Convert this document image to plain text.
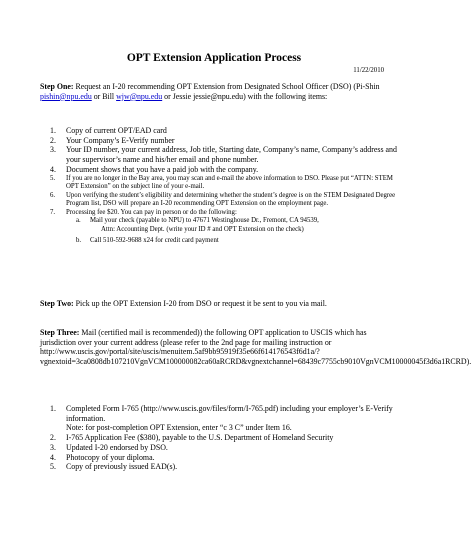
OPT Extension Application Process
11/22/2010
Step One: Request an I-20 recommending OPT Extension from Designated School Officer (DSO) (Pi-Shin pishin@npu.edu or Bill wjw@npu.edu or Jessie jessie@npu.edu) with the following items:
1. Copy of current OPT/EAD card
2. Your Company’s E-Verify number
3. Your ID number, your current address, Job title, Starting date, Company’s name, Company’s address and your supervisor’s name and his/her email and phone number.
4. Document shows that you have a paid job with the company.
5. If you are no longer in the Bay area, you may scan and e-mail the above information to DSO. Please put “ATTN: STEM OPT Extension” on the subject line of your e-mail.
6. Upon verifying the student’s eligibility and determining whether the student’s degree is on the STEM Designated Degree Program list, DSO will prepare an I-20 recommending OPT Extension on the employment page.
7. Processing fee $20. You can pay in person or do the following:
a. Mail your check (payable to NPU) to 47671 Westinghouse Dr., Fremont, CA 94539,
Attn: Accounting Dept. (write your ID # and OPT Extension on the check)
b. Call 510-592-9688 x24 for credit card payment
Step Two: Pick up the OPT Extension I-20 from DSO or request it be sent to you via mail.
Step Three: Mail (certified mail is recommended)) the following OPT application to USCIS which has jurisdiction over your current address (please refer to the 2nd page for mailing instruction or http://www.uscis.gov/portal/site/uscis/menuitem.5af9bb95919f35e66f614176543f6d1a/?vgnextoid=3ca0808db107210VgnVCM100000082ca60aRCRD&vgnextchannel=68439c7755cb9010VgnVCM10000045f3d6a1RCRD).
1. Completed Form I-765 (http://www.uscis.gov/files/form/I-765.pdf) including your employer’s E-Verify information.
Note: for post-completion OPT Extension, enter “c 3 C” under Item 16.
2. I-765 Application Fee ($380), payable to the U.S. Department of Homeland Security
3. Updated I-20 endorsed by DSO.
4. Photocopy of your diploma.
5. Copy of previously issued EAD(s).
